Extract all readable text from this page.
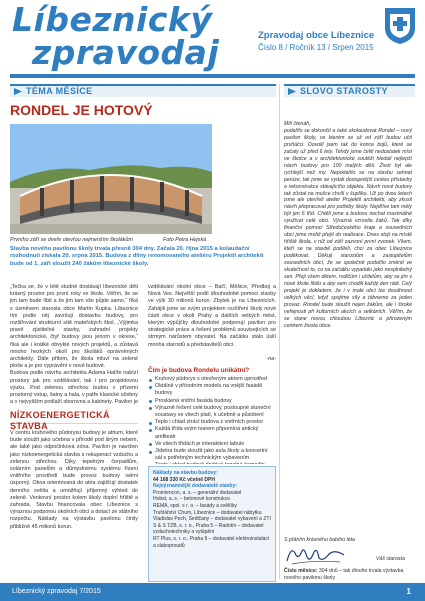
Líbeznický
zpravodaj	Zpravodaj obce Líbeznice
Číslo 8 / Ročník 13 / Srpen 2015
TÉMA MĚSÍCE
RONDEL JE HOTOVÝ
Prvního září se dveře otevřou nejmenším školákům	Foto Petra Hejská
Stavba nového pavilonu školy trvala přesně 304 dny. Začala 20. října 2015 a kolaudační rozhodnutí získala 20. srpna 2015. Budova z dílny renomovaného ateliéru Projektil architekti bude od 1. září sloužit 240 žákům líbeznické školy.
„Tečka se, že v létě studně dostávají líbeznické děti krásný prostor pro první roky ve škole. Věřím, že se jim tam bude líbit a že jim tam vše půjde samo,“ říká s úsměvem starosta obce Martin Kupka. Líbeznice tím podle něj završují dostavbu budovy, pro rozšiřování strukturní sítě mateřských škol. „Výjimka pravě zjistitelné stavby, zahradní projekty architektonické, čtyř budovy jsou jenom v okrese,“ říká ale i krátké obvyklé nových projektů, a zůstavá mnoho hezkých okolí pro školáků oprávněných architekty. Dále přitom, že škola mluví na zelené ploše a je pro vyprávění v nové budově.
Budova podle návrhu architekta Adama Halíře nabízí prostory jak pro vzdělávání, tak i pro projektovou výuku. Pod zelenou střechou budou v přízemí prostorný vstup, šatny a hala, v patře klasické učebny a v nejvyšším podlaží sborovna a kabinety. Pavilon je
vzdělávání okolní obce – Baťť, Měšice, Předboj a Nová Ves. Největší podíl dlouhodobé pomoci stavby ve výši 30 milionů korun. Zbytek je na Líbeznicích. Zahájili jsme se svým projektem rozšíření školy nové části obce v okolí Prahy a dalších velkých měst, kterým výpůjčky dlouhodobé podporují pavilon pro strategické práce a řešení problémů souvisejících se strmým nárůstem obyvatel. Na začátku stálo úsilí mnoha starostů a představitelů obcí.
-na-
Čím je budova Rondelu unikátní?
Kruhový půdorys s otevřeným atriem uprostřed
Oktálně v přírodním modelu na vnější fasádě budovy
Prosklená vnitřní fasáda budovy
Výrazně řešení celé budovy, posloupné sluneční soustavy ve všech platí, k učebně a působení
Teplo i chlad ztrácí budova z vnitřních prostor
Každá třída svým tvarem připomíná antický amfiteátr
Ve všech třídách je interaktivní tabule
Jídelna bude sloužit jako aula školy a koncertní sál s potřebným technickým vybavením
NÍZKOENERGETICKÁ STAVBA
V centru kruhového půdorysu budovy je atrium, které bude sloužit jako učebna v přírodě pod širým nebem, ale také jako odpočinková zóna. Pavilon je navržen jako nízkoenergetická stavba s rekuperací vzduchu a zelenou střechou. Díky tepelným čerpadlům, solárním panelům a důmyslnému systému řízení vnitřního prostředí bude provoz budovy velmi úsporný. Okna orientovaná do atria zajišťují dostatek denního světla a umožňují příjemný výhled do zeleně. Venkovní prostor kolem školy doplní hřiště a zahrada. Stavbu financovala obec Líbeznice s výraznou podporou okolních obcí a dotací ze státního rozpočtu. Náklady na výstavbu pavilonu činily přibližně 45 milionů korun.
Náklady na stavbu budovy:
44 168 330 Kč včetně DPH
Nejvýznamnější dodavatelé stavby:
Promiencon, a. s. – generální dodavatel
Hobst, a. s. – betonové konstrukce
REMA, spol. s r. o. – fasády a světlíky
Truhlářství Chum, Líbeznice – dodavatel nábytku
Vladislav Pech, Sedlčany – dodavatel vybavení a ZTI
S & S TZB, s. r. o., Praha 5 – Radotín – dodavatel vzduchotechniky a vytápění
RT Plus, s. r. o., Praha 9 – dodavatel elektroinstalací a slaboproudů
SLOVO STAROSTY
Milí čtenáři,
podařilo se dokončit a také zkolaudovat Rondel – nový pavilon školy, ve kterém se už od září budou učit prvňáčci. Dovolil jsem tak do konce bojů, které se začaly už před 6 lety. Tehdy jsme čelili nedostatek míst ve školce a v architektonické soutěži hledali nejlepší návrh budovy pro 100 malých dětí. Život byl ale rychlejší než my. Nepodařilo se na stavbu sehnat peníze, tak jsme se vydali dostupnější cestou přístavby a rekonstrukce stávajícího objektu. Návrh nové budovy tak zůstal na mušce chvíli v šuplíku. Už po dvou letech jsme ale otevřeli atelier Projektil architekti, aby zkusil návrh přepracovat pro potřeby školy. Nejdříve tam měly být jen 6 tříd. Chtěli jsme a budovu nechat maximálně využívat celé obci. Výrazná vzrostla žáků. Tak díky finanční pomoci Středočeského kraje a sousedních obcí jsme mohli přejít do realizace. Dnes stojí na místě hřiště škola, v níž od září zazvoní první zvonek. Všem, kteří se na stavbě podíleli, chci za obec Líbeznice poděkovat. Děkuji starostům a zastupitelům sousedních obcí, že se společně podařilo změnit ve skutečnost to, co na začátku vypadalo jako nesplnitelný sen. Přeji všem dětem, rodičům i učitelům, aby se jim v nové škole líbilo a aby sem chodili každý den rádi. Celý projekt je dokladem, že i v malé obci lze dosáhnout velkých věcí, když spojíme síly a táhneme za jeden provaz. Rondel bude sloužit nejen žákům, ale i široké veřejnosti při kulturních akcích a setkáních. Věřím, že se stane novou chloubou Líbeznic a přirozeným centrem života obce.
S přáním krásného babího léta
Váš starosta
Číslo měsíce: 304 dnů – tak dlouho trvala výstavba nového pavilonu školy
Líbeznický zpravodaj 7/2015	1
